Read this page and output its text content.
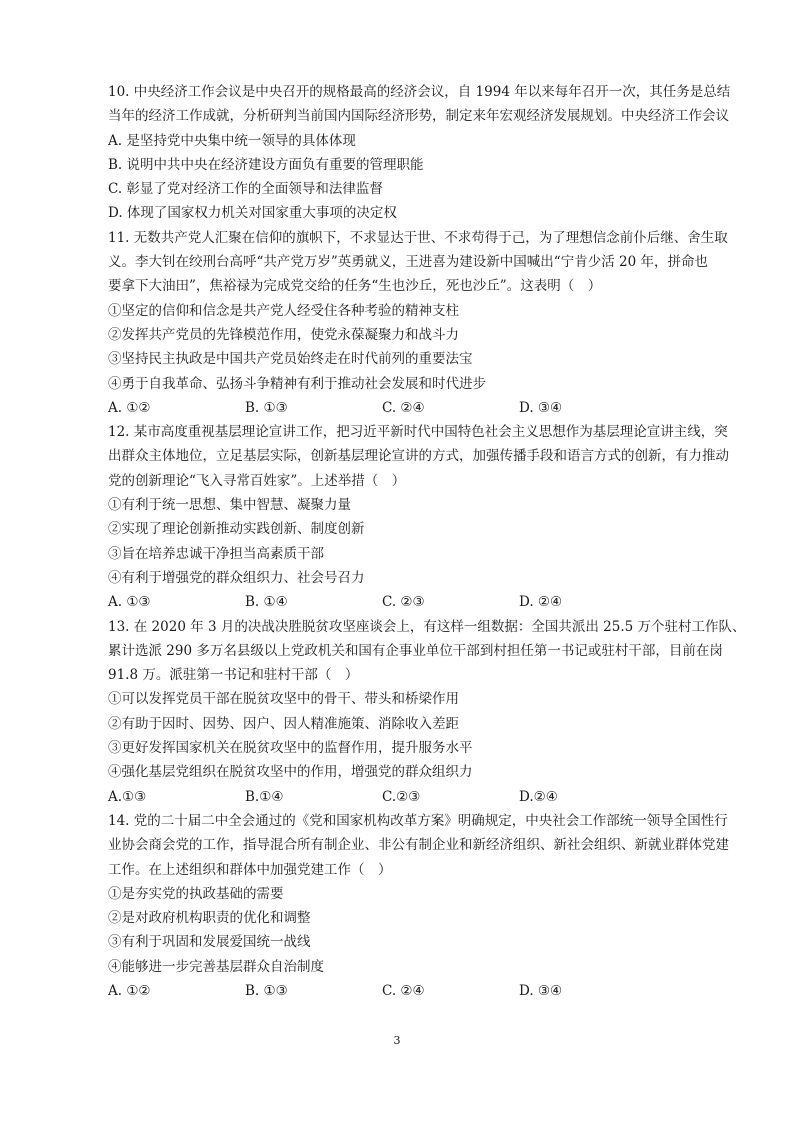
10. 中央经济工作会议是中央召开的规格最高的经济会议，自 1994 年以来每年召开一次，其任务是总结
当年的经济工作成就，分析研判当前国内国际经济形势，制定来年宏观经济发展规划。中央经济工作会议
A. 是坚持党中央集中统一领导的具体体现
B. 说明中共中央在经济建设方面负有重要的管理职能
C. 彰显了党对经济工作的全面领导和法律监督
D. 体现了国家权力机关对国家重大事项的决定权
11. 无数共产党人汇聚在信仰的旗帜下，不求显达于世、不求苟得于己，为了理想信念前仆后继、舍生取
义。李大钊在绞刑台高呼“共产党万岁”英勇就义，王进喜为建设新中国喊出“宁肯少活 20 年，拼命也
要拿下大油田”，焦裕禄为完成党交给的任务“生也沙丘，死也沙丘”。这表明（　）
①坚定的信仰和信念是共产党人经受住各种考验的精神支柱
②发挥共产党员的先锋模范作用，使党永葆凝聚力和战斗力
③坚持民主执政是中国共产党员始终走在时代前列的重要法宝
④勇于自我革命、弘扬斗争精神有利于推动社会发展和时代进步
A. ①②	B. ①③	C. ②④	D. ③④
12. 某市高度重视基层理论宣讲工作，把习近平新时代中国特色社会主义思想作为基层理论宣讲主线，突
出群众主体地位，立足基层实际，创新基层理论宣讲的方式，加强传播手段和语言方式的创新，有力推动
党的创新理论“飞入寻常百姓家”。上述举措（　）
①有利于统一思想、集中智慧、凝聚力量
②实现了理论创新推动实践创新、制度创新
③旨在培养忠诚干净担当高素质干部
④有利于增强党的群众组织力、社会号召力
A. ①③	B. ①④	C. ②③	D. ②④
13. 在 2020 年 3 月的决战决胜脱贫攻坚座谈会上，有这样一组数据：全国共派出 25.5 万个驻村工作队、
累计选派 290 多万名县级以上党政机关和国有企事业单位干部到村担任第一书记或驻村干部，目前在岗
91.8 万。派驻第一书记和驻村干部（　）
①可以发挥党员干部在脱贫攻坚中的骨干、带头和桥梁作用
②有助于因时、因势、因户、因人精准施策、消除收入差距
③更好发挥国家机关在脱贫攻坚中的监督作用，提升服务水平
④强化基层党组织在脱贫攻坚中的作用，增强党的群众组织力
A.①③	B.①④	C.②③	D.②④
14. 党的二十届二中全会通过的《党和国家机构改革方案》明确规定，中央社会工作部统一领导全国性行
业协会商会党的工作，指导混合所有制企业、非公有制企业和新经济组织、新社会组织、新就业群体党建
工作。在上述组织和群体中加强党建工作（　）
①是夯实党的执政基础的需要
②是对政府机构职责的优化和调整
③有利于巩固和发展爱国统一战线
④能够进一步完善基层群众自治制度
A. ①②	B. ①③	C. ②④	D. ③④
3
